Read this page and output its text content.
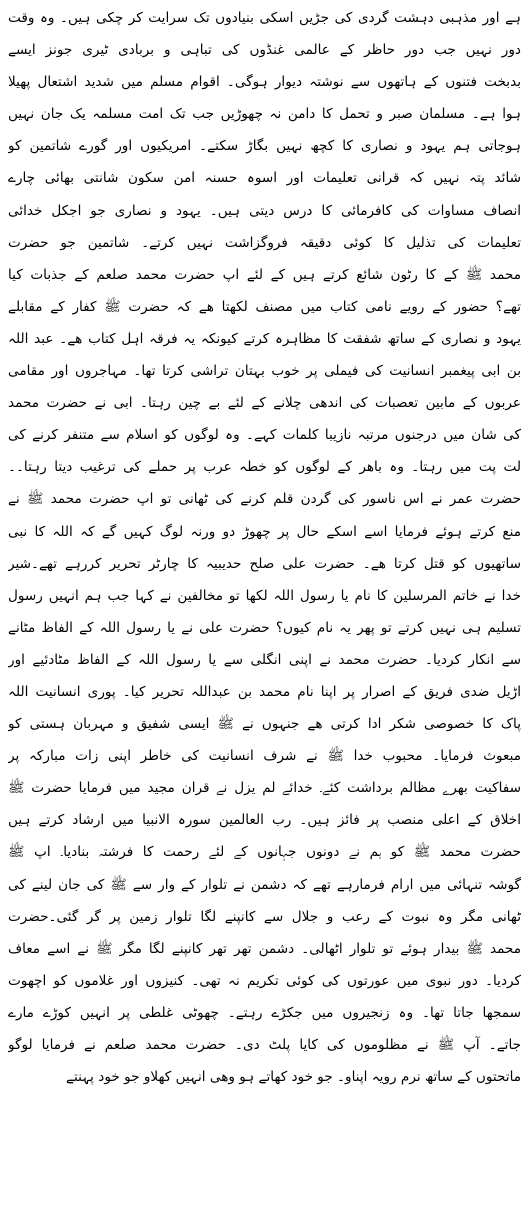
ہے اور مذہبی دہشت گردی کی جڑیں اسکی بنیادوں تک سرایت کر چکی ہیں۔ وہ وقت
دور نہیں جب دور حاظر کے عالمی غنڈوں کی تباہی و بربادی ٹیری جونز ایسے
بدبخت فتنوں کے ہاتھوں سے نوشتہ دیوار ہوگی۔ اقوام مسلم میں شدید اشتعال پھیلا
ہوا ہے۔ مسلمان صبر و تحمل کا دامن نہ چھوڑیں جب تک امت مسلمہ یک جان نہیں
ہوجاتی ہم یہود و نصاری کا کچھ نہیں بگاڑ سکتے۔ امریکیوں اور گورے شاتمین کو
شائد پتہ نہیں کہ قرانی تعلیمات اور اسوہ حسنہ امن سکون شانتی بھائی چارے
انصاف مساوات کی کافرمائی کا درس دیتی ہیں۔ یہود و نصاری جو اجکل خدائی
تعلیمات کی تذلیل کا کوئی دقیقہ فروگزاشت نہیں کرتے۔ شاتمین جو حضرت
محمد ﷺ کے کا رٹون شائع کرتے ہیں کے لئے اپ حضرت محمد صلعم کے جذبات کیا
تھے؟ حضور کے رویے نامی کتاب میں مصنف لکھتا ھے کہ حضرت ﷺ کفار کے مقابلے
یہود و نصاری کے ساتھ شفقت کا مظاہرہ کرتے کیونکہ یہ فرقہ اہل کتاب ھے۔ عبد اللہ
بن ابی پیغمبر انسانیت کی فیملی پر خوب بہتان تراشی کرتا تھا۔ مہاجروں اور مقامی
عربوں کے مابین تعصبات کی اندھی چلانے کے لئے بے چین رہتا۔ ابی نے حضرت محمد
کی شان میں درجنوں مرتبہ نازیبا کلمات کہے۔ وہ لوگوں کو اسلام سے متنفر کرنے کی
لت پت میں رہتا۔ وہ باھر کے لوگوں کو خطہ عرب پر حملے کی ترغیب دیتا رہتا۔۔
حضرت عمر نے اس ناسور کی گردن قلم کرنے کی ٹھانی تو اپ حضرت محمد ﷺ نے
منع کرتے ہوئے فرمایا اسے اسکے حال پر چھوڑ دو ورنہ لوگ کہیں گے کہ اللہ کا نبی
ساتھیوں کو قتل کرتا ھے۔ حضرت علی صلح حدیبیہ کا چارٹر تحریر کررہے تھے۔شیر
خدا نے خاتم المرسلین کا نام یا رسول اللہ لکھا تو مخالفین نے کہا جب ہم انہیں رسول
تسلیم ہی نہیں کرتے تو پھر یہ نام کیوں؟ حضرت علی نے یا رسول اللہ کے الفاظ مٹانے
سے انکار کردیا۔ حضرت محمد نے اپنی انگلی سے یا رسول اللہ کے الفاظ مٹادئیے اور
اڑیل ضدی فریق کے اصرار پر اپنا نام محمد بن عبداللہ تحریر کیا۔ پوری انسانیت اللہ
پاک کا خصوصی شکر ادا کرتی ھے جنہوں نے ﷺ ایسی شفیق و مہربان ہستی کو
مبعوث فرمایا۔ محبوب خدا ﷺ نے شرف انسانیت کی خاطر اپنی زات مبارکہ پر
سفاکیت بھرے مظالم برداشت کئے۔ خدائے لم یزل نے قران مجید میں فرمایا حضرت ﷺ
اخلاق کے اعلی منصب پر فائز ہیں۔ رب العالمین سورہ الانبیا میں ارشاد کرتے ہیں
حضرت محمد ﷺ کو ہم نے دونوں جہانوں کے لئے رحمت کا فرشتہ بنادیا۔ اپ ﷺ
گوشہ تنہائی میں ارام فرمارہے تھے کہ دشمن نے تلوار کے وار سے ﷺ کی جان لینے کی
ٹھانی مگر وہ نبوت کے رعب و جلال سے کانپنے لگا تلوار زمین پر گر گئی۔حضرت
محمد ﷺ بیدار ہوئے تو تلوار اٹھالی۔ دشمن تھر تھر کانپنے لگا مگر ﷺ نے اسے معاف
کردیا۔ دور نبوی میں عورتوں کی کوئی تکریم نہ تھی۔ کنیزوں اور غلاموں کو اچھوت
سمجھا جاتا تھا۔ وہ زنجیروں میں جکڑے رہتے۔ چھوٹی غلطی پر انہیں کوڑے مارے
جاتے۔ آپ ﷺ نے مظلوموں کی کایا پلٹ دی۔ حضرت محمد صلعم نے فرمایا لوگو
ماتحتوں کے ساتھ نرم رویہ اپناو۔ جو خود کھاتے ہو وھی انہیں کھلاو جو خود پہنتے
